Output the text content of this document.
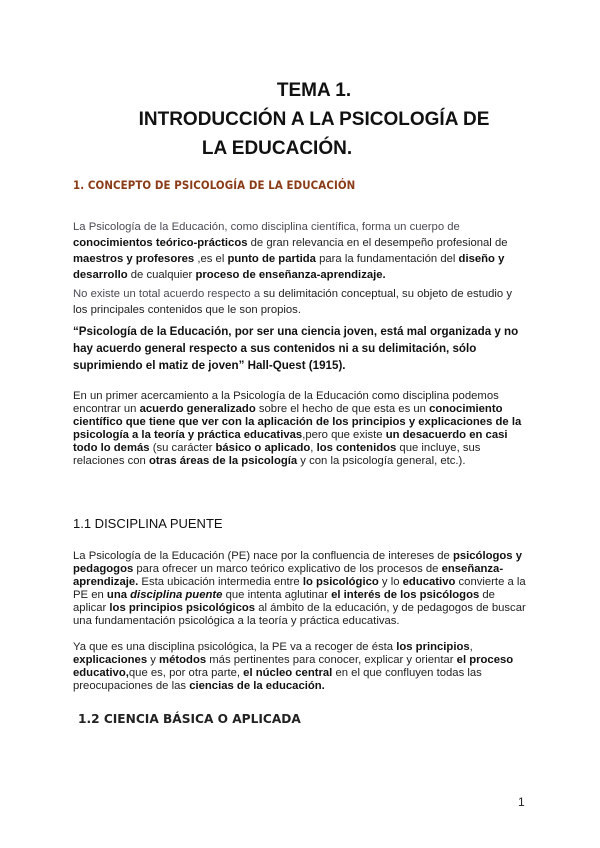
TEMA 1.
INTRODUCCIÓN A LA PSICOLOGÍA DE
LA EDUCACIÓN.
1. CONCEPTO DE PSICOLOGÍA DE LA EDUCACIÓN
La Psicología de la Educación, como disciplina científica, forma un cuerpo de conocimientos teórico-prácticos de gran relevancia en el desempeño profesional de maestros y profesores ,es el punto de partida para la fundamentación del diseño y desarrollo de cualquier proceso de enseñanza-aprendizaje.
No existe un total acuerdo respecto a su delimitación conceptual, su objeto de estudio y los principales contenidos que le son propios.
“Psicología de la Educación, por ser una ciencia joven, está mal organizada y no hay acuerdo general respecto a sus contenidos ni a su delimitación, sólo suprimiendo el matiz de joven” Hall-Quest (1915).
En un primer acercamiento a la Psicología de la Educación como disciplina podemos encontrar un acuerdo generalizado sobre el hecho de que esta es un conocimiento científico que tiene que ver con la aplicación de los principios y explicaciones de la psicología a la teoría y práctica educativas,pero que existe un desacuerdo en casi todo lo demás (su carácter básico o aplicado, los contenidos que incluye, sus relaciones con otras áreas de la psicología y con la psicología general, etc.).
1.1 DISCIPLINA PUENTE
La Psicología de la Educación (PE) nace por la confluencia de intereses de psicólogos y pedagogos para ofrecer un marco teórico explicativo de los procesos de enseñanza-aprendizaje. Esta ubicación intermedia entre lo psicológico y lo educativo convierte a la PE en una disciplina puente que intenta aglutinar el interés de los psicólogos de aplicar los principios psicológicos al ámbito de la educación, y de pedagogos de buscar una fundamentación psicológica a la teoría y práctica educativas.
Ya que es una disciplina psicológica, la PE va a recoger de ésta los principios, explicaciones y métodos más pertinentes para conocer, explicar y orientar el proceso educativo,que es, por otra parte, el núcleo central en el que confluyen todas las preocupaciones de las ciencias de la educación.
1.2 CIENCIA BÁSICA O APLICADA
1
